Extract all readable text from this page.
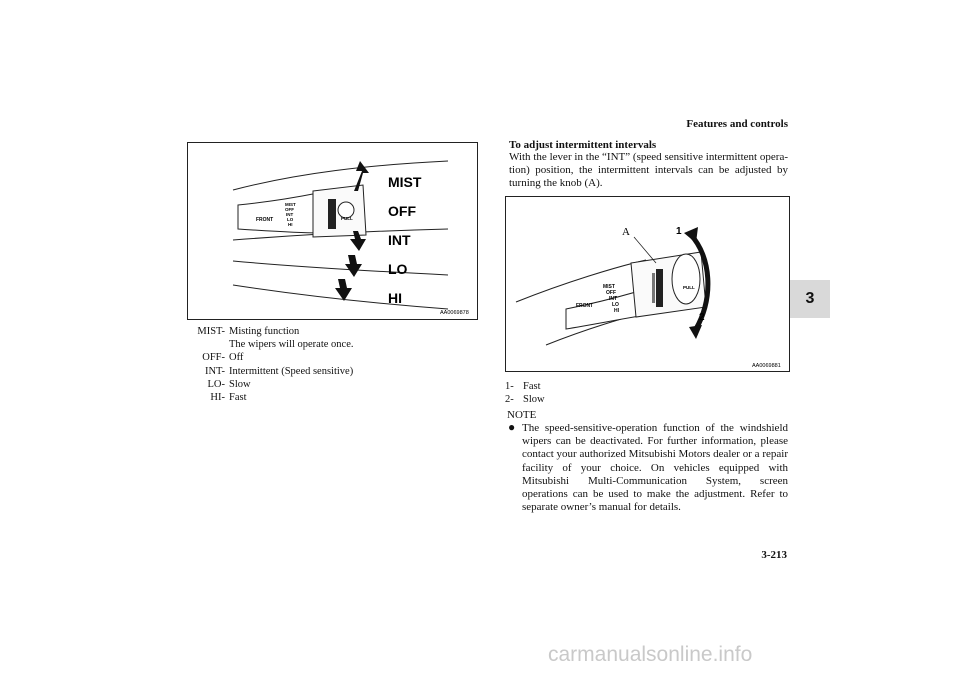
Features and controls
3
FRONT	PULL
MIST
OFF
INT
LO
HI
MIST
OFF
INT
LO
HI
AA0069878
MIST- Misting function
The wipers will operate once.
OFF- Off
INT- Intermittent (Speed sensitive)
LO- Slow
HI- Fast
To adjust intermittent intervals
With the lever in the “INT” (speed sensitive intermittent opera-tion) position, the intermittent intervals can be adjusted by turning the knob (A).
FRONT
PULL
MIST
OFF
INT
LO
HI
A	1
2
AA0069881
1- Fast
2- Slow
NOTE
● The speed-sensitive-operation function of the windshield wipers can be deactivated. For further information, please contact your authorized Mitsubishi Motors dealer or a repair facility of your choice. On vehicles equipped with Mitsubishi Multi-Communication System, screen operations can be used to make the adjustment. Refer to separate owner’s manual for details.
3-213
carmanualsonline.info
